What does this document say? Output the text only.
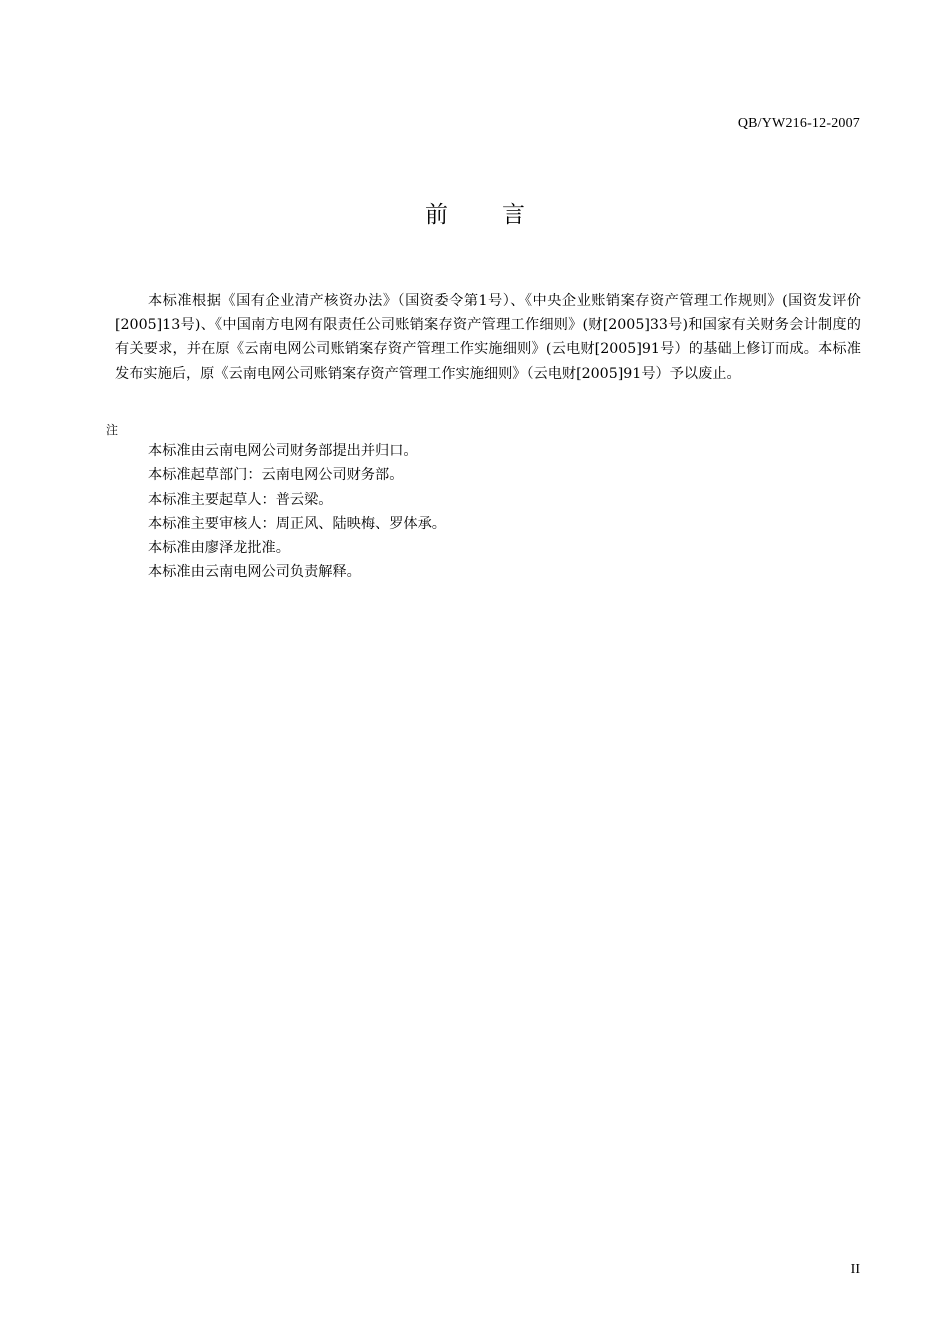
QB/YW216-12-2007
前言

本标准根据《国有企业清产核资办法》（国资委令第1号）、《中央企业账销案存资产管理工作规则》(国资发评价[2005]13号)、《中国南方电网有限责任公司账销案存资产管理工作细则》(财[2005]33号)和国家有关财务会计制度的有关要求，并在原《云南电网公司账销案存资产管理工作实施细则》(云电财[2005]91号）的基础上修订而成。本标准发布实施后，原《云南电网公司账销案存资产管理工作实施细则》（云电财[2005]91号）予以废止。

注
本标准由云南电网公司财务部提出并归口。
本标准起草部门：云南电网公司财务部。
本标准主要起草人：普云梁。
本标准主要审核人：周正风、陆映梅、罗体承。
本标准由廖泽龙批准。
本标准由云南电网公司负责解释。
II
